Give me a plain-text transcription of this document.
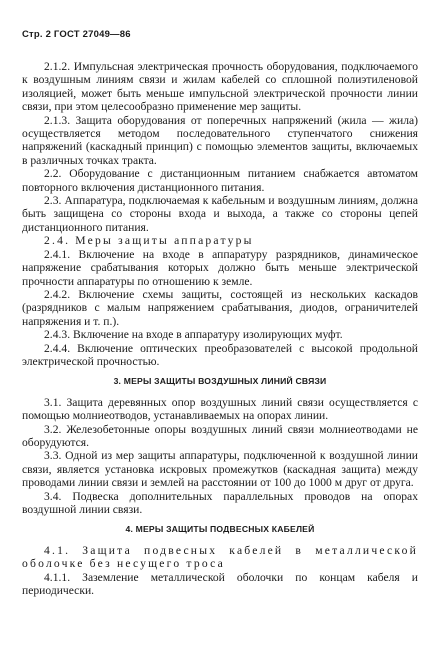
Стр. 2 ГОСТ 27049—86

2.1.2. Импульсная электрическая прочность оборудования, подключаемого к воздушным линиям связи и жилам кабелей со сплошной полиэтиленовой изоляцией, может быть меньше импульсной электрической прочности линии связи, при этом целесообразно применение мер защиты.

2.1.3. Защита оборудования от поперечных напряжений (жила — жила) осуществляется методом последовательного ступенчатого снижения напряжений (каскадный принцип) с помощью элементов защиты, включаемых в различных точках тракта.

2.2. Оборудование с дистанционным питанием снабжается автоматом повторного включения дистанционного питания.

2.3. Аппаратура, подключаемая к кабельным и воздушным линиям, должна быть защищена со стороны входа и выхода, а также со стороны цепей дистанционного питания.

2.4. Меры защиты аппаратуры

2.4.1. Включение на входе в аппаратуру разрядников, динамическое напряжение срабатывания которых должно быть меньше электрической прочности аппаратуры по отношению к земле.

2.4.2. Включение схемы защиты, состоящей из нескольких каскадов (разрядников с малым напряжением срабатывания, диодов, ограничителей напряжения и т. п.).

2.4.3. Включение на входе в аппаратуру изолирующих муфт.

2.4.4. Включение оптических преобразователей с высокой продольной электрической прочностью.

3. МЕРЫ ЗАЩИТЫ ВОЗДУШНЫХ ЛИНИЙ СВЯЗИ

3.1. Защита деревянных опор воздушных линий связи осуществляется с помощью молниеотводов, устанавливаемых на опорах линии.

3.2. Железобетонные опоры воздушных линий связи молниеотводами не оборудуются.

3.3. Одной из мер защиты аппаратуры, подключенной к воздушной линии связи, является установка искровых промежутков (каскадная защита) между проводами линии связи и землей на расстоянии от 100 до 1000 м друг от друга.

3.4. Подвеска дополнительных параллельных проводов на опорах воздушной линии связи.

4. МЕРЫ ЗАЩИТЫ ПОДВЕСНЫХ КАБЕЛЕЙ

4.1. Защита подвесных кабелей в металлической оболочке без несущего троса

4.1.1. Заземление металлической оболочки по концам кабеля и периодически.
